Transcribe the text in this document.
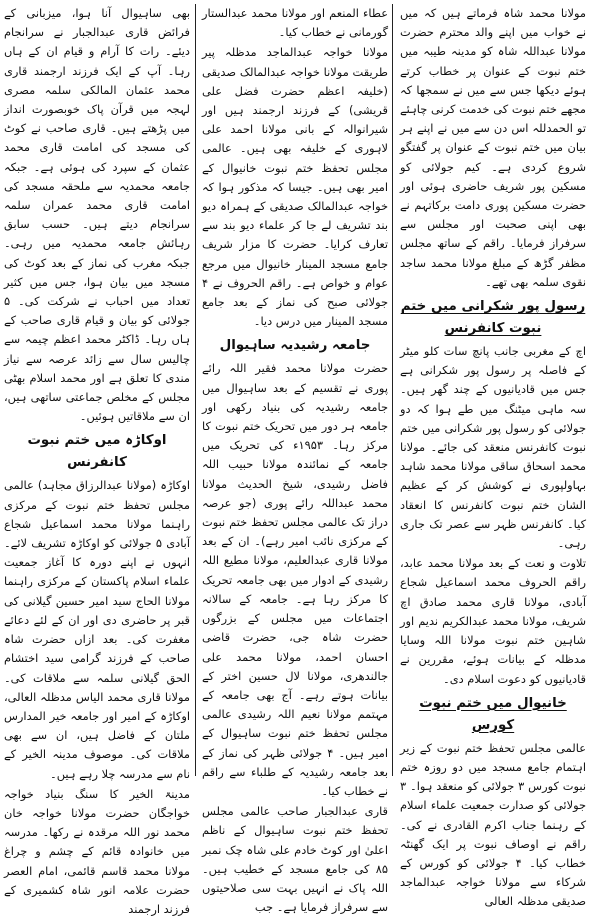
مولانا محمد شاہ فرماتے ہیں کہ میں نے خواب میں اپنے والد محترم حضرت مولانا عبداللہ شاہ کو مدینہ طیبہ میں ختم نبوت کے عنوان پر خطاب کرتے ہوئے دیکھا جس سے میں نے سمجھا کہ مجھے ختم نبوت کی خدمت کرنی چاہئے تو الحمدللہ اس دن سے میں نے اپنے ہر بیان میں ختم نبوت کے عنوان پر گفتگو شروع کردی ہے۔ کیم جولائی کو مسکین پور شریف حاضری ہوئی اور حضرت مسکین پوری دامت برکاتہم نے بھی اپنی صحبت اور مجلس سے سرفراز فرمایا۔ راقم کے ساتھ مجلس مظفر گڑھ کے مبلغ مولانا محمد ساجد نقوی سلمہ بھی تھے۔

رسول پور شکرانی میں ختم نبوت کانفرنس

اچ کے مغربی جانب پانچ سات کلو میٹر کے فاصلہ پر رسول پور شکرانی ہے جس میں قادیانیوں کے چند گھر ہیں۔ سہ ماہی میٹنگ میں طے ہوا کہ دو جولائی کو رسول پور شکرانی میں ختم نبوت کانفرنس منعقد کی جائے۔ مولانا محمد اسحاق ساقی مولانا محمد شاہد بہاولپوری نے کوشش کر کے عظیم الشان ختم نبوت کانفرنس کا انعقاد کیا۔ کانفرنس ظہر سے عصر تک جاری رہی۔

تلاوت و نعت کے بعد مولانا محمد عابد، راقم الحروف محمد اسماعیل شجاع آبادی، مولانا قاری محمد صادق اچ شریف، مولانا محمد عبدالکریم ندیم اور شاہین ختم نبوت مولانا اللہ وسایا مدظلہ کے بیانات ہوئے، مقررین نے قادیانیوں کو دعوت اسلام دی۔

خانیوال میں ختم نبوت کورس

عالمی مجلس تحفظ ختم نبوت کے زیر اہتمام جامع مسجد میں دو روزہ ختم نبوت کورس ۳ جولائی کو منعقد ہوا۔ ۳ جولائی کو صدارت جمعیت علماء اسلام کے رہنما جناب اکرم القادری نے کی۔ راقم نے اوصاف نبوت پر ایک گھنٹہ خطاب کیا۔ ۴ جولائی کو کورس کے شرکاء سے مولانا خواجہ عبدالماجد صدیقی مدظلہ العالی

عطاء المنعم اور مولانا محمد عبدالستار گورمانی نے خطاب کیا۔

مولانا خواجہ عبدالماجد مدظلہ پیر طریقت مولانا خواجہ عبدالمالک صدیقی (خلیفہ اعظم حضرت فضل علی قریشی) کے فرزند ارجمند ہیں اور شیرانوالہ کے بانی مولانا احمد علی لاہوری کے خلیفہ بھی ہیں۔ عالمی مجلس تحفظ ختم نبوت خانیوال کے امیر بھی ہیں۔ جیسا کہ مذکور ہوا کہ خواجہ عبدالمالک صدیقی کے ہمراہ دیو بند تشریف لے جا کر علماء دیو بند سے تعارف کرایا۔ حضرت کا مزار شریف جامع مسجد المینار خانیوال میں مرجع عوام و خواص ہے۔ راقم الحروف نے ۴ جولائی صبح کی نماز کے بعد جامع مسجد المینار میں درس دیا۔

جامعہ رشیدیہ ساہیوال

حضرت مولانا محمد فقیر اللہ رائے پوری نے تقسیم کے بعد ساہیوال میں جامعہ رشیدیہ کی بنیاد رکھی اور جامعہ ہر دور میں تحریک ختم نبوت کا مرکز رہا۔ ۱۹۵۳ء کی تحریک میں جامعہ کے نمائندہ مولانا حبیب اللہ فاضل رشیدی، شیخ الحدیث مولانا محمد عبداللہ رائے پوری (جو عرصہ دراز تک عالمی مجلس تحفظ ختم نبوت کے مرکزی نائب امیر رہے)۔ ان کے بعد مولانا قاری عبدالعلیم، مولانا مطیع اللہ رشیدی کے ادوار میں بھی جامعہ تحریک کا مرکز رہا ہے۔ جامعہ کے سالانہ اجتماعات میں مجلس کے بزرگوں حضرت شاہ جی، حضرت قاضی احسان احمد، مولانا محمد علی جالندھری، مولانا لال حسین اختر کے بیانات ہوتے رہے۔ آج بھی جامعہ کے مہتمم مولانا نعیم اللہ رشیدی عالمی مجلس تحفظ ختم نبوت ساہیوال کے امیر ہیں۔ ۴ جولائی ظہر کی نماز کے بعد جامعہ رشیدیہ کے طلباء سے راقم نے خطاب کیا۔

قاری عبدالجبار صاحب عالمی مجلس تحفظ ختم نبوت ساہیوال کے ناظم اعلیٰ اور کوٹ خادم علی شاہ چک نمبر ۸۵ کی جامع مسجد کے خطیب ہیں۔ اللہ پاک نے انہیں بہت سی صلاحیتوں سے سرفراز فرمایا ہے۔ جب

بھی ساہیوال آنا ہوا، میزبانی کے فرائض قاری عبدالجبار نے سرانجام دیئے۔ رات کا آرام و قیام ان کے ہاں رہا۔ آپ کے ایک فرزند ارجمند قاری محمد عثمان المالکی سلمہ مصری لہجہ میں قرآن پاک خوبصورت انداز میں پڑھتے ہیں۔ قاری صاحب نے کوٹ کی مسجد کی امامت قاری محمد عثمان کے سپرد کی ہوئی ہے۔ جبکہ جامعہ محمدیہ سے ملحقہ مسجد کی امامت قاری محمد عمران سلمہ سرانجام دیتے ہیں۔ حسب سابق رہائش جامعہ محمدیہ میں رہی۔ جبکہ مغرب کی نماز کے بعد کوٹ کی مسجد میں بیان ہوا، جس میں کثیر تعداد میں احباب نے شرکت کی۔ ۵ جولائی کو بیان و قیام قاری صاحب کے ہاں رہا۔ ڈاکٹر محمد اعظم چیمہ سے چالیس سال سے زائد عرصہ سے نیاز مندی کا تعلق ہے اور محمد اسلام بھٹی مجلس کے مخلص جماعتی ساتھی ہیں، ان سے ملاقاتیں ہوئیں۔

اوکاڑہ میں ختم نبوت کانفرنس

اوکاڑہ (مولانا عبدالرزاق مجاہد) عالمی مجلس تحفظ ختم نبوت کے مرکزی راہنما مولانا محمد اسماعیل شجاع آبادی ۵ جولائی کو اوکاڑہ تشریف لائے۔ انہوں نے اپنے دورہ کا آغاز جمعیت علماء اسلام پاکستان کے مرکزی راہنما مولانا الحاج سید امیر حسین گیلانی کی قبر پر حاضری دی اور ان کے لئے دعائے مغفرت کی۔ بعد ازاں حضرت شاہ صاحب کے فرزند گرامی سید اختشام الحق گیلانی سلمہ سے ملاقات کی۔ مولانا قاری محمد الیاس مدظلہ العالی، اوکاڑہ کے امیر اور جامعہ خیر المدارس ملتان کے فاضل ہیں، ان سے بھی ملاقات کی۔ موصوف مدینہ الخیر کے نام سے مدرسہ چلا رہے ہیں۔

مدینۃ الخیر کا سنگ بنیاد خواجہ خواجگان حضرت مولانا خواجہ خان محمد نور اللہ مرقدہ نے رکھا۔ مدرسہ میں خانوادہ قائم کے چشم و چراغ مولانا محمد قاسم قائمی، امام العصر حضرت علامہ انور شاہ کشمیری کے فرزند ارجمند
